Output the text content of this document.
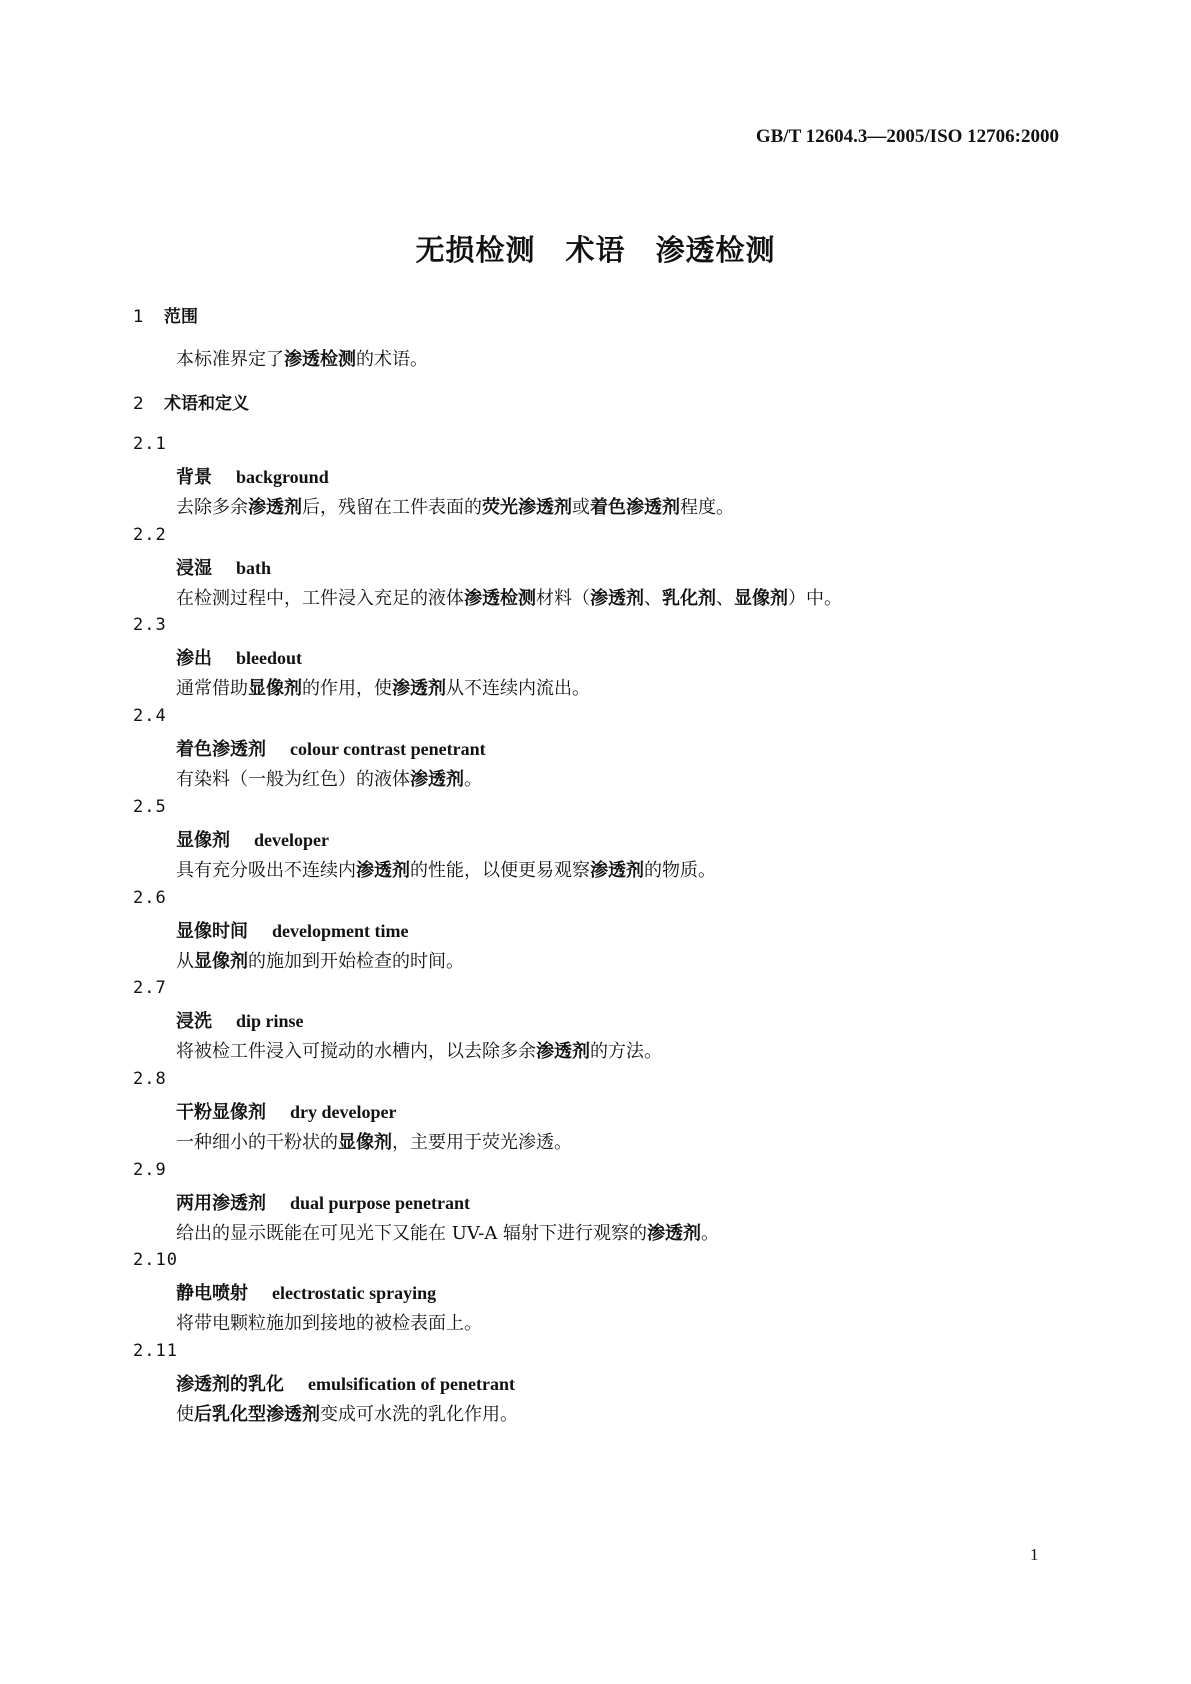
GB/T 12604.3—2005/ISO 12706:2000
无损检测　术语　渗透检测
1 范围
本标准界定了渗透检测的术语。
2 术语和定义
2.1
背景 background
去除多余渗透剂后，残留在工件表面的荧光渗透剂或着色渗透剂程度。
2.2
浸湿 bath
在检测过程中，工件浸入充足的液体渗透检测材料（渗透剂、乳化剂、显像剂）中。
2.3
渗出 bleedout
通常借助显像剂的作用，使渗透剂从不连续内流出。
2.4
着色渗透剂 colour contrast penetrant
有染料（一般为红色）的液体渗透剂。
2.5
显像剂 developer
具有充分吸出不连续内渗透剂的性能，以便更易观察渗透剂的物质。
2.6
显像时间 development time
从显像剂的施加到开始检查的时间。
2.7
浸洗 dip rinse
将被检工件浸入可搅动的水槽内，以去除多余渗透剂的方法。
2.8
干粉显像剂 dry developer
一种细小的干粉状的显像剂，主要用于荧光渗透。
2.9
两用渗透剂 dual purpose penetrant
给出的显示既能在可见光下又能在 UV-A 辐射下进行观察的渗透剂。
2.10
静电喷射 electrostatic spraying
将带电颗粒施加到接地的被检表面上。
2.11
渗透剂的乳化 emulsification of penetrant
使后乳化型渗透剂变成可水洗的乳化作用。
1
